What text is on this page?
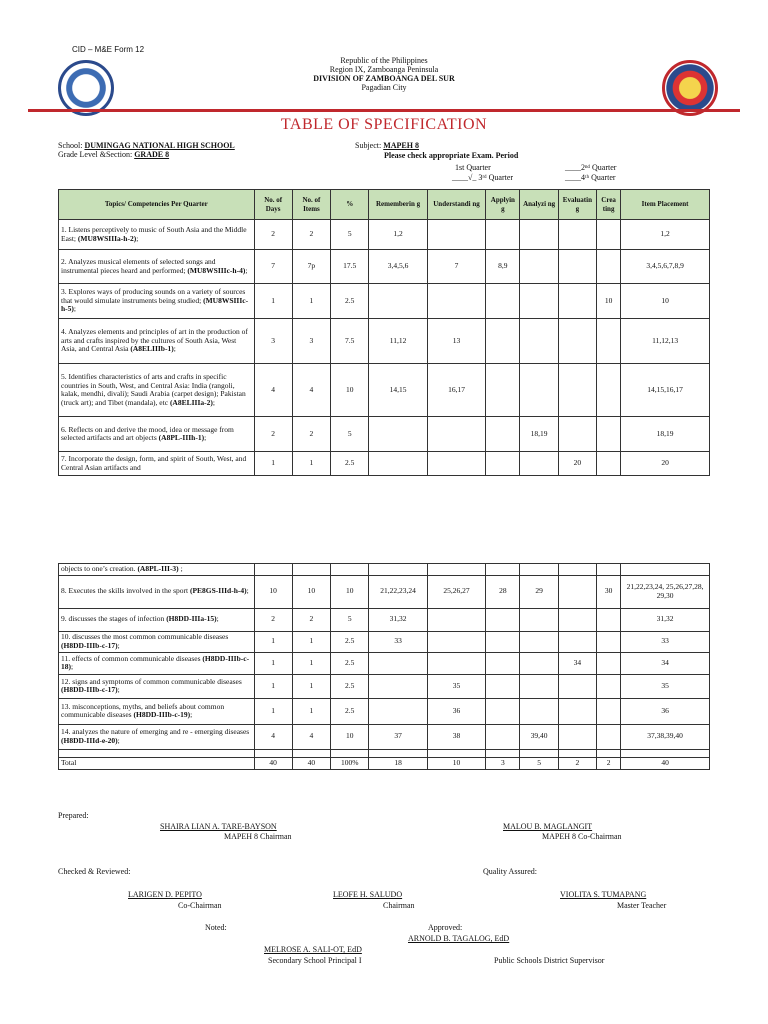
CID – M&E Form 12
Republic of the Philippines
Region IX, Zamboanga Peninsula
DIVISION OF ZAMBOANGA DEL SUR
Pagadian City
TABLE OF SPECIFICATION
School: DUMINGAG NATIONAL HIGH SCHOOL
Grade Level &Section: GRADE 8
Subject: MAPEH 8
Please check appropriate Exam. Period
1st Quarter	____2ⁿᵈ Quarter
____√_ 3ʳᵈ Quarter	____4ᵗʰ Quarter
Topics/ Competencies Per Quarter	No. of Days	No. of Items	%	Rememberin g	Understandi ng	Applyin g	Analyzi ng	Evaluatin g	Crea ting	Item Placement
1. Listens perceptively to music of South Asia and the Middle East; (MU8WSIIIa-h-2);	2	2	5	1,2						1,2
2. Analyzes musical elements of selected songs and instrumental pieces heard and performed; (MU8WSIIIc-h-4);	7	7p	17.5	3,4,5,6	7	8,9				3,4,5,6,7,8,9
3. Explores ways of producing sounds on a variety of sources that would simulate instruments being studied; (MU8WSIIIc-h-5);	1	1	2.5						10	10
4. Analyzes elements and principles of art in the production of arts and crafts inspired by the cultures of South Asia, West Asia, and Central Asia (A8ELIIIb-1);	3	3	7.5	11,12	13					11,12,13
5. Identifies characteristics of arts and crafts in specific countries in South, West, and Central Asia: India (rangoli, kalak, mendhi, divali); Saudi Arabia (carpet design); Pakistan (truck art); and Tibet (mandala), etc (A8ELIIIa-2);	4	4	10	14,15	16,17					14,15,16,17
6. Reflects on and derive the mood, idea or message from selected artifacts and art objects (A8PL-IIIh-1);	2	2	5				18,19			18,19
7. Incorporate the design, form, and spirit of South, West, and Central Asian artifacts and	1	1	2.5					20		20
objects to one’s creation. (A8PL-III-3) ;										
8. Executes the skills involved in the sport (PE8GS-IIId-h-4);	10	10	10	21,22,23,24	25,26,27	28	29		30	21,22,23,24, 25,26,27,28, 29,30
9. discusses the stages of infection (H8DD-IIIa-15);	2	2	5	31,32						31,32
10. discusses the most common communicable diseases (H8DD-IIIb-c-17);	1	1	2.5	33						33
11. effects of common communicable diseases (H8DD-IIIb-c-18);	1	1	2.5					34		34
12. signs and symptoms of common communicable diseases (H8DD-IIIb-c-17);	1	1	2.5		35					35
13. misconceptions, myths, and beliefs about common communicable diseases (H8DD-IIIb-c-19);	1	1	2.5		36					36
14. analyzes the nature of emerging and re - emerging diseases (H8DD-IIId-e-20);	4	4	10	37	38		39,40			37,38,39,40

Total	40	40	100%	18	10	3	5	2	2	40
Prepared:
SHAIRA LIAN A. TARE-BAYSON
MAPEH 8 Chairman
MALOU B. MAGLANGIT
MAPEH 8 Co-Chairman
Checked & Reviewed:	Quality Assured:
LARIGEN D. PEPITO
Co-Chairman
LEOFE H. SALUDO
Chairman
VIOLITA S. TUMAPANG
Master Teacher
Noted:	Approved:
ARNOLD B. TAGALOG, EdD
MELROSE A. SALI-OT, EdD
Secondary School Principal I	Public Schools District Supervisor
